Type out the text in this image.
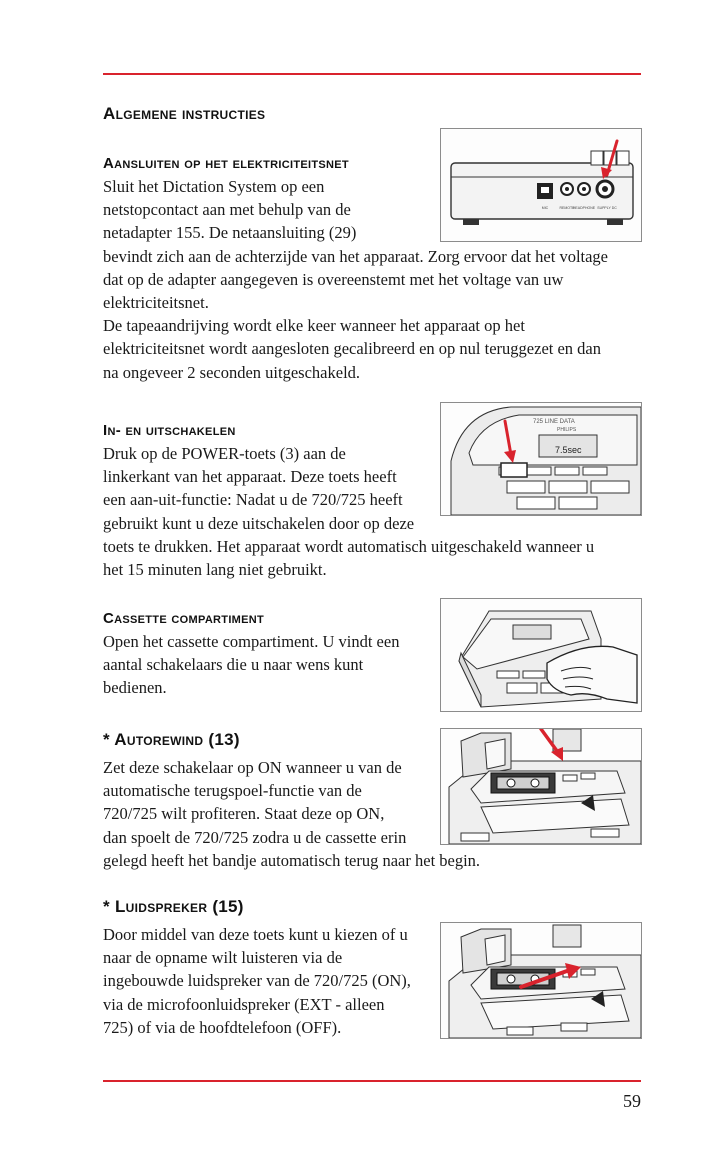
Algemene instructies
Aansluiten op het elektriciteitsnet
Sluit het Dictation System op een
netstopcontact aan met behulp van de
netadapter 155. De netaansluiting (29)
bevindt zich aan de achterzijde van het apparaat. Zorg ervoor dat het voltage
dat op de adapter aangegeven is overeenstemt met het voltage van uw
elektriciteitsnet.
De tapeaandrijving wordt elke keer wanneer het apparaat op het
elektriciteitsnet wordt aangesloten gecalibreerd en op nul teruggezet en dan
na ongeveer 2 seconden uitgeschakeld.
MIC	REMOTE
HEADPHONE SUPPLY DC
In- en uitschakelen
Druk op de POWER-toets (3) aan de
linkerkant van het apparaat. Deze toets heeft
een aan-uit-functie: Nadat u de 720/725 heeft
gebruikt kunt u deze uitschakelen door op deze
toets te drukken. Het apparaat wordt automatisch uitgeschakeld wanneer u
het 15 minuten lang niet gebruikt.
725 LINE DATA
PHILIPS
7.5sec
Cassette compartiment
Open het cassette compartiment. U vindt een
aantal schakelaars die u naar wens kunt
bedienen.
* Autorewind (13)
Zet deze schakelaar op ON wanneer u van de
automatische terugspoel-functie van de
720/725 wilt profiteren. Staat deze op ON,
dan spoelt de 720/725 zodra u de cassette erin
gelegd heeft het bandje automatisch terug naar het begin.
* Luidspreker (15)
Door middel van deze toets kunt u kiezen of u
naar de opname wilt luisteren via de
ingebouwde luidspreker van de 720/725 (ON),
via de microfoonluidspreker (EXT - alleen
725) of via de hoofdtelefoon (OFF).
59
